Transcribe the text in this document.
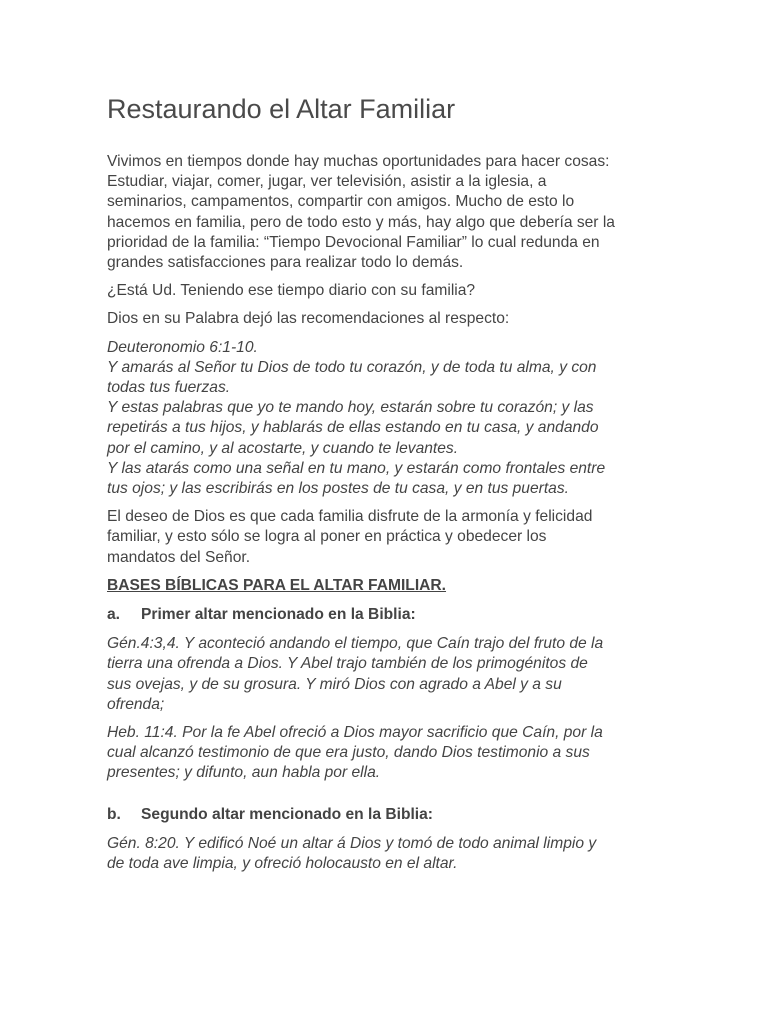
Restaurando el Altar Familiar

Vivimos en tiempos donde hay muchas oportunidades para hacer cosas:
Estudiar, viajar, comer, jugar, ver televisión, asistir a la iglesia, a
seminarios, campamentos, compartir con amigos. Mucho de esto lo
hacemos en familia, pero de todo esto y más, hay algo que debería ser la
prioridad de la familia: “Tiempo Devocional Familiar” lo cual redunda en
grandes satisfacciones para realizar todo lo demás.

¿Está Ud. Teniendo ese tiempo diario con su familia?

Dios en su Palabra dejó las recomendaciones al respecto:

Deuteronomio 6:1-10.
Y amarás al Señor tu Dios de todo tu corazón, y de toda tu alma, y con
todas tus fuerzas.
Y estas palabras que yo te mando hoy, estarán sobre tu corazón; y las
repetirás a tus hijos, y hablarás de ellas estando en tu casa, y andando
por el camino, y al acostarte, y cuando te levantes.
Y las atarás como una señal en tu mano, y estarán como frontales entre
tus ojos; y las escribirás en los postes de tu casa, y en tus puertas.

El deseo de Dios es que cada familia disfrute de la armonía y felicidad
familiar, y esto sólo se logra al poner en práctica y obedecer los
mandatos del Señor.

BASES BÍBLICAS PARA EL ALTAR FAMILIAR.
a. Primer altar mencionado en la Biblia:

Gén.4:3,4. Y aconteció andando el tiempo, que Caín trajo del fruto de la
tierra una ofrenda a Dios. Y Abel trajo también de los primogénitos de
sus ovejas, y de su grosura. Y miró Dios con agrado a Abel y a su
ofrenda;

Heb. 11:4. Por la fe Abel ofreció a Dios mayor sacrificio que Caín, por la
cual alcanzó testimonio de que era justo, dando Dios testimonio a sus
presentes; y difunto, aun habla por ella.

b. Segundo altar mencionado en la Biblia:

Gén. 8:20. Y edificó Noé un altar á Dios y tomó de todo animal limpio y
de toda ave limpia, y ofreció holocausto en el altar.
